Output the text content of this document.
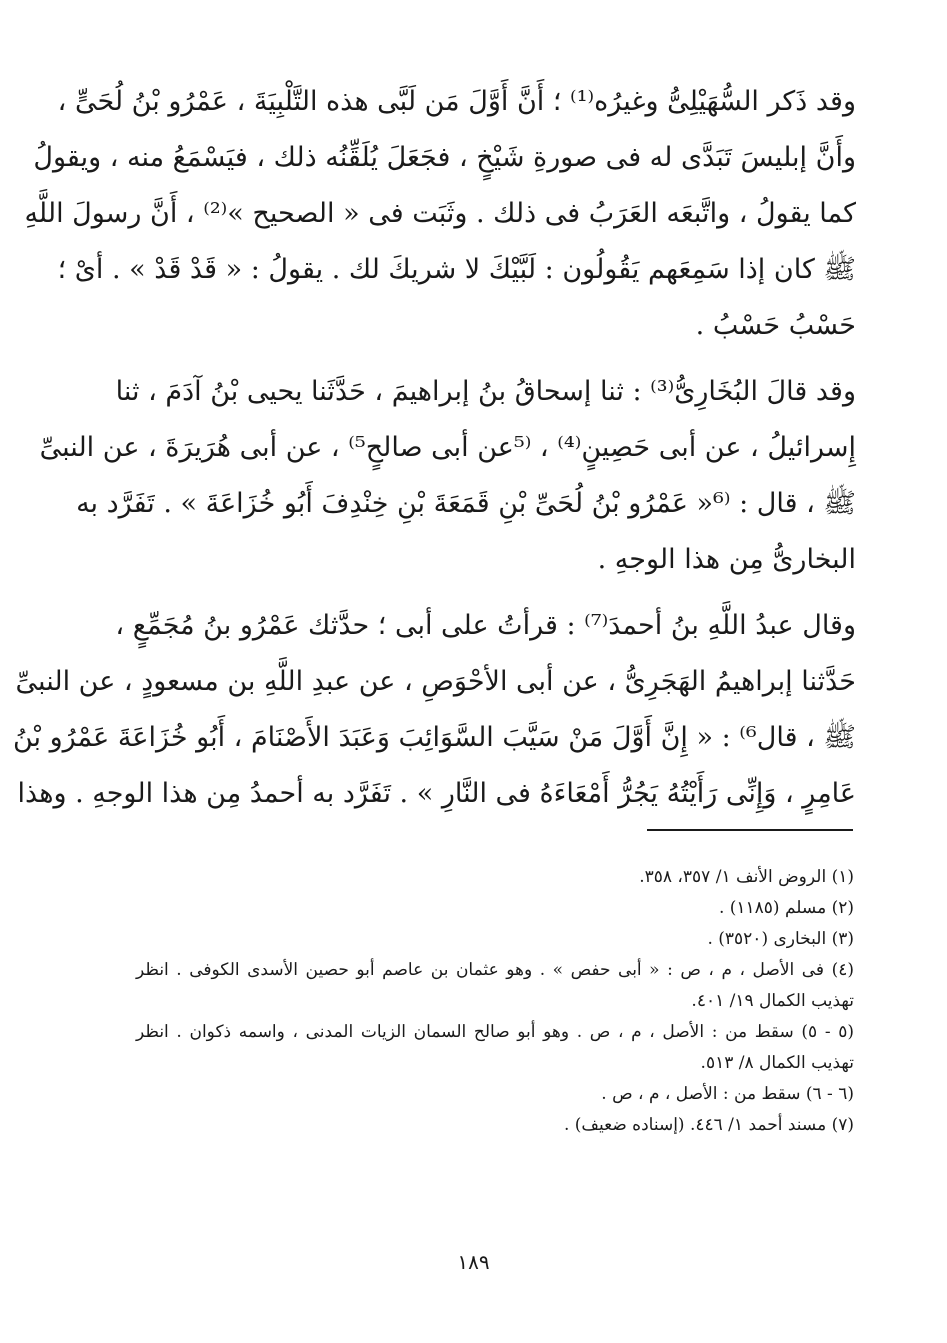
وقد ذَكر السُّهَيْلِىُّ وغيرُه⁽¹⁾ ؛ أَنَّ أَوَّلَ مَن لَبَّى هذه التَّلْبِيَةَ ، عَمْرُو بْنُ لُحَىٍّ ،
وأَنَّ إبليسَ تَبَدَّى له فى صورةِ شَيْخٍ ، فجَعَلَ يُلَقِّنُه ذلك ، فيَسْمَعُ منه ، ويقولُ
كما يقولُ ، واتَّبعَه العَرَبُ فى ذلك . وثَبَت فى « الصحيح »⁽²⁾ ، أَنَّ رسولَ اللَّهِ
ﷺ كان إذا سَمِعَهم يَقُولُون : لَبَّيْكَ لا شريكَ لك . يقولُ : « قَدْ قَدْ » . أىْ ؛
حَسْبُ حَسْبُ .
وقد قالَ البُخَارِىُّ⁽³⁾ : ثنا إسحاقُ بنُ إبراهيمَ ، حَدَّثَنا يحيى بْنُ آدَمَ ، ثنا
إِسرائيلُ ، عن أبى حَصِينٍ⁽⁴⁾ ، ⁽⁵عن أبى صالحٍ⁵⁾ ، عن أبى هُرَيرَةَ ، عن النبىِّ
ﷺ ، قال : ⁽⁶« عَمْرُو بْنُ لُحَىِّ بْنِ قَمَعَةَ بْنِ خِنْدِفَ أَبُو خُزَاعَةَ » . تَفَرَّد به
البخارىُّ مِن هذا الوجهِ .
وقال عبدُ اللَّهِ بنُ أحمدَ⁽⁷⁾ : قرأتُ على أبى ؛ حدَّثك عَمْرُو بنُ مُجَمِّعٍ ،
حَدَّثنا إبراهيمُ الهَجَرِىُّ ، عن أبى الأحْوَصِ ، عن عبدِ اللَّهِ بن مسعودٍ ، عن النبىِّ
ﷺ ، قال⁶⁾ : « إِنَّ أَوَّلَ مَنْ سَيَّبَ السَّوَائِبَ وَعَبَدَ الأَصْنَامَ ، أَبُو خُزَاعَةَ عَمْرُو بْنُ
عَامِرٍ ، وَإِنِّى رَأَيْتُهُ يَجُرُّ أَمْعَاءَهُ فى النَّارِ » . تَفَرَّد به أحمدُ مِن هذا الوجهِ . وهذا
(١) الروض الأنف ١/ ٣٥٧، ٣٥٨.
(٢) مسلم (١١٨٥) .
(٣) البخارى (٣٥٢٠) .
(٤) فى الأصل ، م ، ص : « أبى حفص » . وهو عثمان بن عاصم أبو حصين الأسدى الكوفى . انظر
تهذيب الكمال ١٩/ ٤٠١.
(٥ - ٥) سقط من : الأصل ، م ، ص . وهو أبو صالح السمان الزيات المدنى ، واسمه ذكوان . انظر
تهذيب الكمال ٨/ ٥١٣.
(٦ - ٦) سقط من : الأصل ، م ، ص .
(٧) مسند أحمد ١/ ٤٤٦. (إسناده ضعيف) .
١٨٩
